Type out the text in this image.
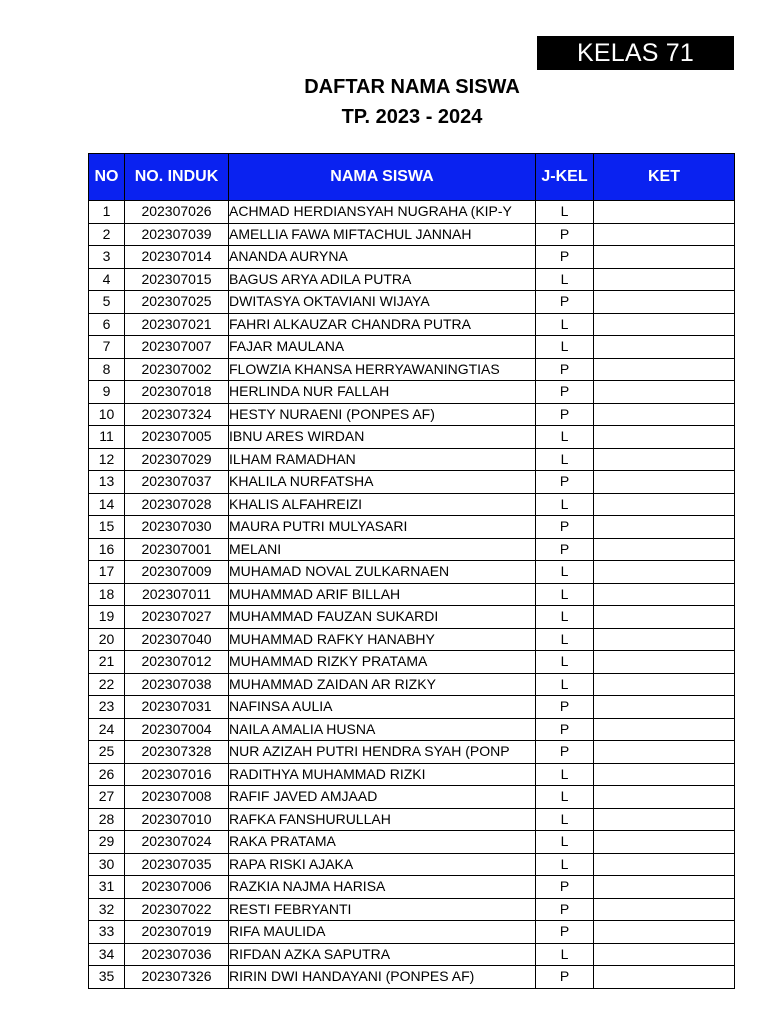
KELAS 71
DAFTAR NAMA SISWA
TP. 2023 - 2024
NO	NO. INDUK	NAMA SISWA	J-KEL	KET
1	202307026	ACHMAD HERDIANSYAH NUGRAHA (KIP-Y	L	
2	202307039	AMELLIA FAWA MIFTACHUL JANNAH	P	
3	202307014	ANANDA AURYNA	P	
4	202307015	BAGUS ARYA ADILA PUTRA	L	
5	202307025	DWITASYA OKTAVIANI WIJAYA	P	
6	202307021	FAHRI ALKAUZAR CHANDRA PUTRA	L	
7	202307007	FAJAR MAULANA	L	
8	202307002	FLOWZIA KHANSA HERRYAWANINGTIAS	P	
9	202307018	HERLINDA NUR FALLAH	P	
10	202307324	HESTY NURAENI (PONPES AF)	P	
11	202307005	IBNU ARES WIRDAN	L	
12	202307029	ILHAM RAMADHAN	L	
13	202307037	KHALILA NURFATSHA	P	
14	202307028	KHALIS ALFAHREIZI	L	
15	202307030	MAURA PUTRI MULYASARI	P	
16	202307001	MELANI	P	
17	202307009	MUHAMAD NOVAL ZULKARNAEN	L	
18	202307011	MUHAMMAD ARIF BILLAH	L	
19	202307027	MUHAMMAD FAUZAN SUKARDI	L	
20	202307040	MUHAMMAD RAFKY HANABHY	L	
21	202307012	MUHAMMAD RIZKY PRATAMA	L	
22	202307038	MUHAMMAD ZAIDAN AR RIZKY	L	
23	202307031	NAFINSA AULIA	P	
24	202307004	NAILA AMALIA HUSNA	P	
25	202307328	NUR AZIZAH PUTRI HENDRA SYAH (PONP	P	
26	202307016	RADITHYA MUHAMMAD RIZKI	L	
27	202307008	RAFIF JAVED AMJAAD	L	
28	202307010	RAFKA FANSHURULLAH	L	
29	202307024	RAKA PRATAMA	L	
30	202307035	RAPA RISKI AJAKA	L	
31	202307006	RAZKIA NAJMA HARISA	P	
32	202307022	RESTI FEBRYANTI	P	
33	202307019	RIFA MAULIDA	P	
34	202307036	RIFDAN AZKA SAPUTRA	L	
35	202307326	RIRIN DWI HANDAYANI (PONPES AF)	P	
